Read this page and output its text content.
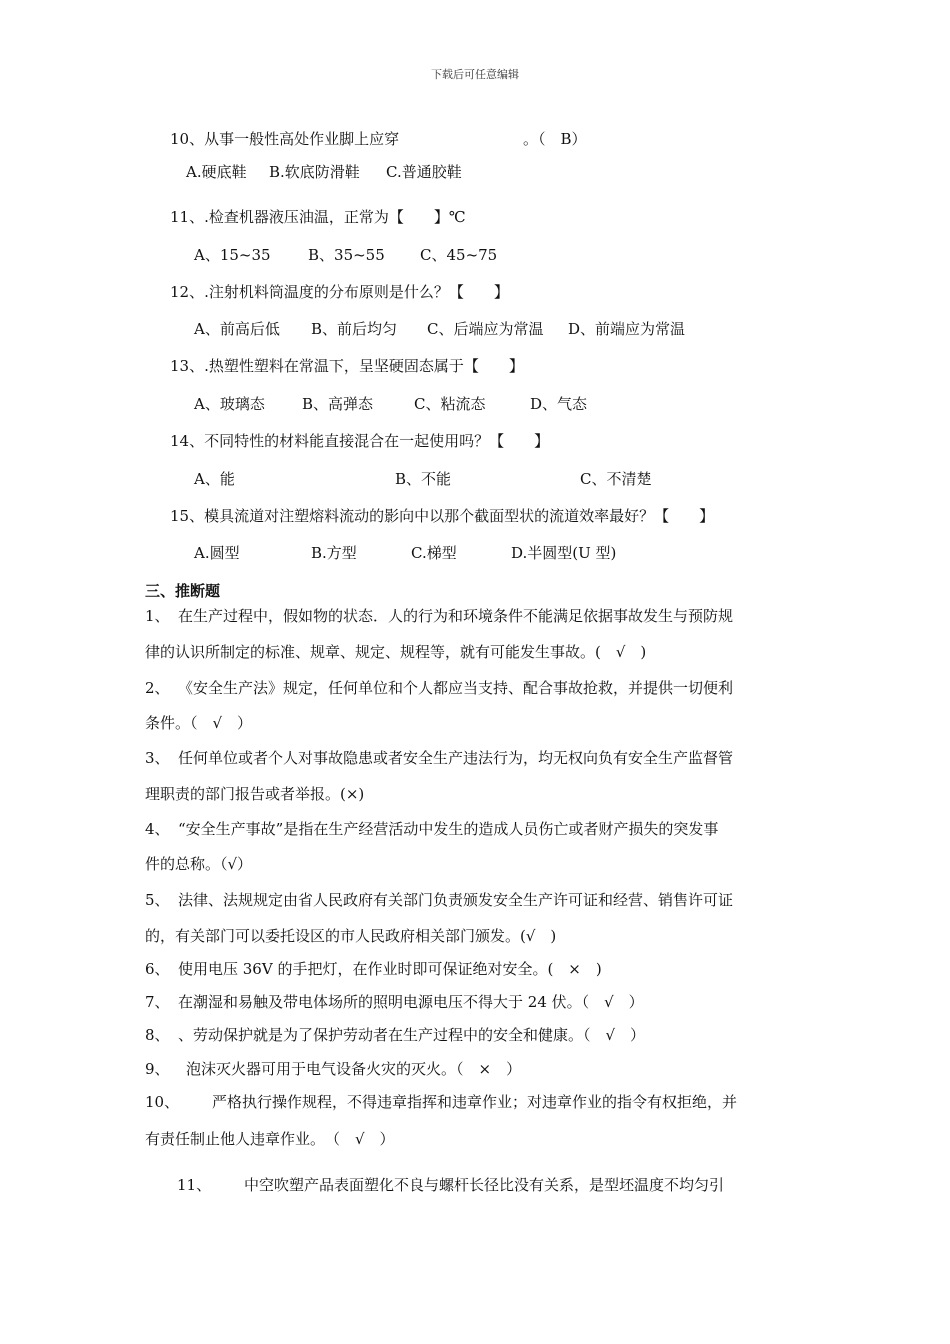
下载后可任意编辑
10、从事一般性高处作业脚上应穿	。（　B）
A.硬底鞋 B.软底防滑鞋 C.普通胶鞋
11、.检查机器液压油温，正常为【　　】℃
A、15~35 B、35~55 C、45~75
12、.注射机料筒温度的分布原则是什么？【　　】
A、前高后低 B、前后均匀 C、后端应为常温 D、前端应为常温
13、.热塑性塑料在常温下，呈坚硬固态属于【　　】
A、玻璃态 B、高弹态	C、粘流态	D、气态
14、不同特性的材料能直接混合在一起使用吗？【　　】
A、能	B、不能	C、不清楚
15、模具流道对注塑熔料流动的影向中以那个截面型状的流道效率最好？【　　】
A.圆型	B.方型	C.梯型	D.半圆型(U 型)
三、推断题
1、 在生产过程中，假如物的状态．人的行为和环境条件不能满足依据事故发生与预防规
律的认识所制定的标准、规章、规定、规程等，就有可能发生事故。(　√　)
2、 《安全生产法》规定，任何单位和个人都应当支持、配合事故抢救，并提供一切便利
条件。（　√　）
3、 任何单位或者个人对事故隐患或者安全生产违法行为，均无权向负有安全生产监督管
理职责的部门报告或者举报。(×)
4、 “安全生产事故”是指在生产经营活动中发生的造成人员伤亡或者财产损失的突发事
件的总称。（√）
5、 法律、法规规定由省人民政府有关部门负责颁发安全生产许可证和经营、销售许可证
的，有关部门可以委托设区的市人民政府相关部门颁发。(√　)
6、 使用电压 36V 的手把灯，在作业时即可保证绝对安全。(　×　)
7、 在潮湿和易触及带电体场所的照明电源电压不得大于 24 伏。（　√　）
8、 、劳动保护就是为了保护劳动者在生产过程中的安全和健康。（　√　）
9、 泡沫灭火器可用于电气设备火灾的灭火。（　×　）
10、 严格执行操作规程，不得违章指挥和违章作业；对违章作业的指令有权拒绝，并
有责任制止他人违章作业。　（　√　）
11、 中空吹塑产品表面塑化不良与螺杆长径比没有关系，是型坯温度不均匀引
